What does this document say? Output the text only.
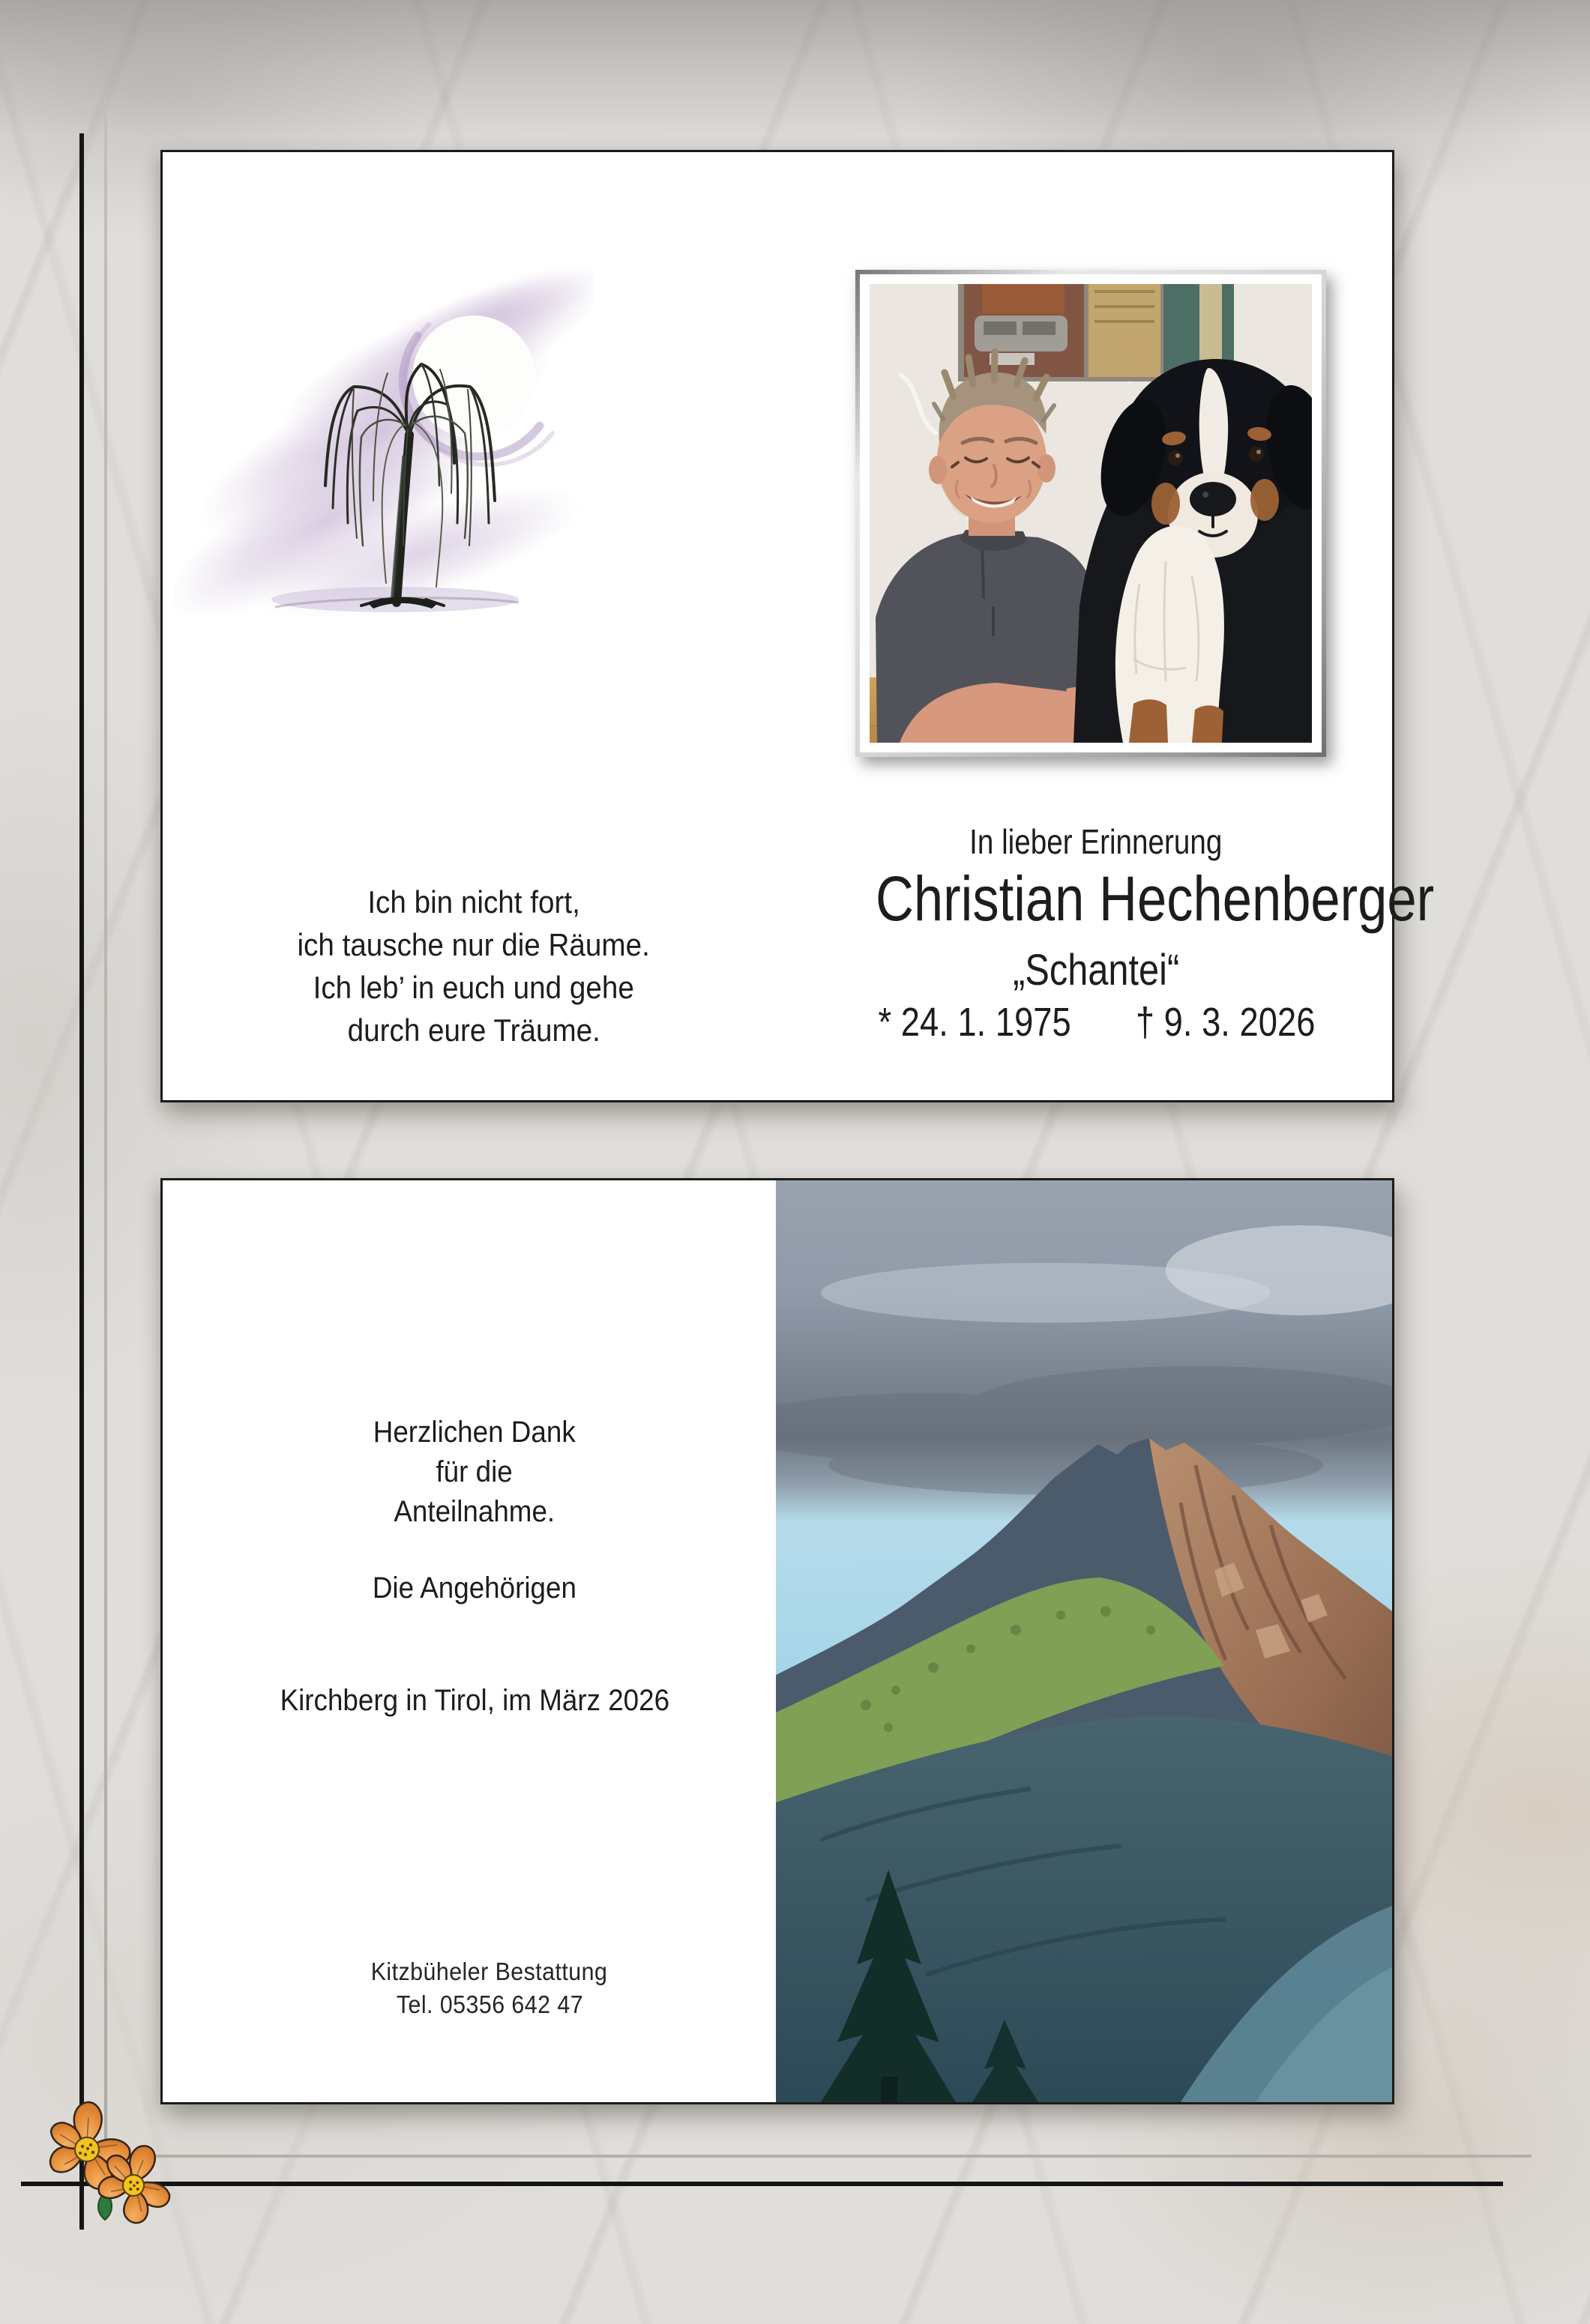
Ich bin nicht fort,
ich tausche nur die Räume.
Ich leb’ in euch und gehe
durch eure Träume.
In lieber Erinnerung
Christian Hechenberger
„Schantei“
* 24. 1. 1975 † 9. 3. 2026
Herzlichen Dank
für die
Anteilnahme.
Die Angehörigen
Kirchberg in Tirol, im März 2026
Kitzbüheler Bestattung
Tel. 05356 642 47
